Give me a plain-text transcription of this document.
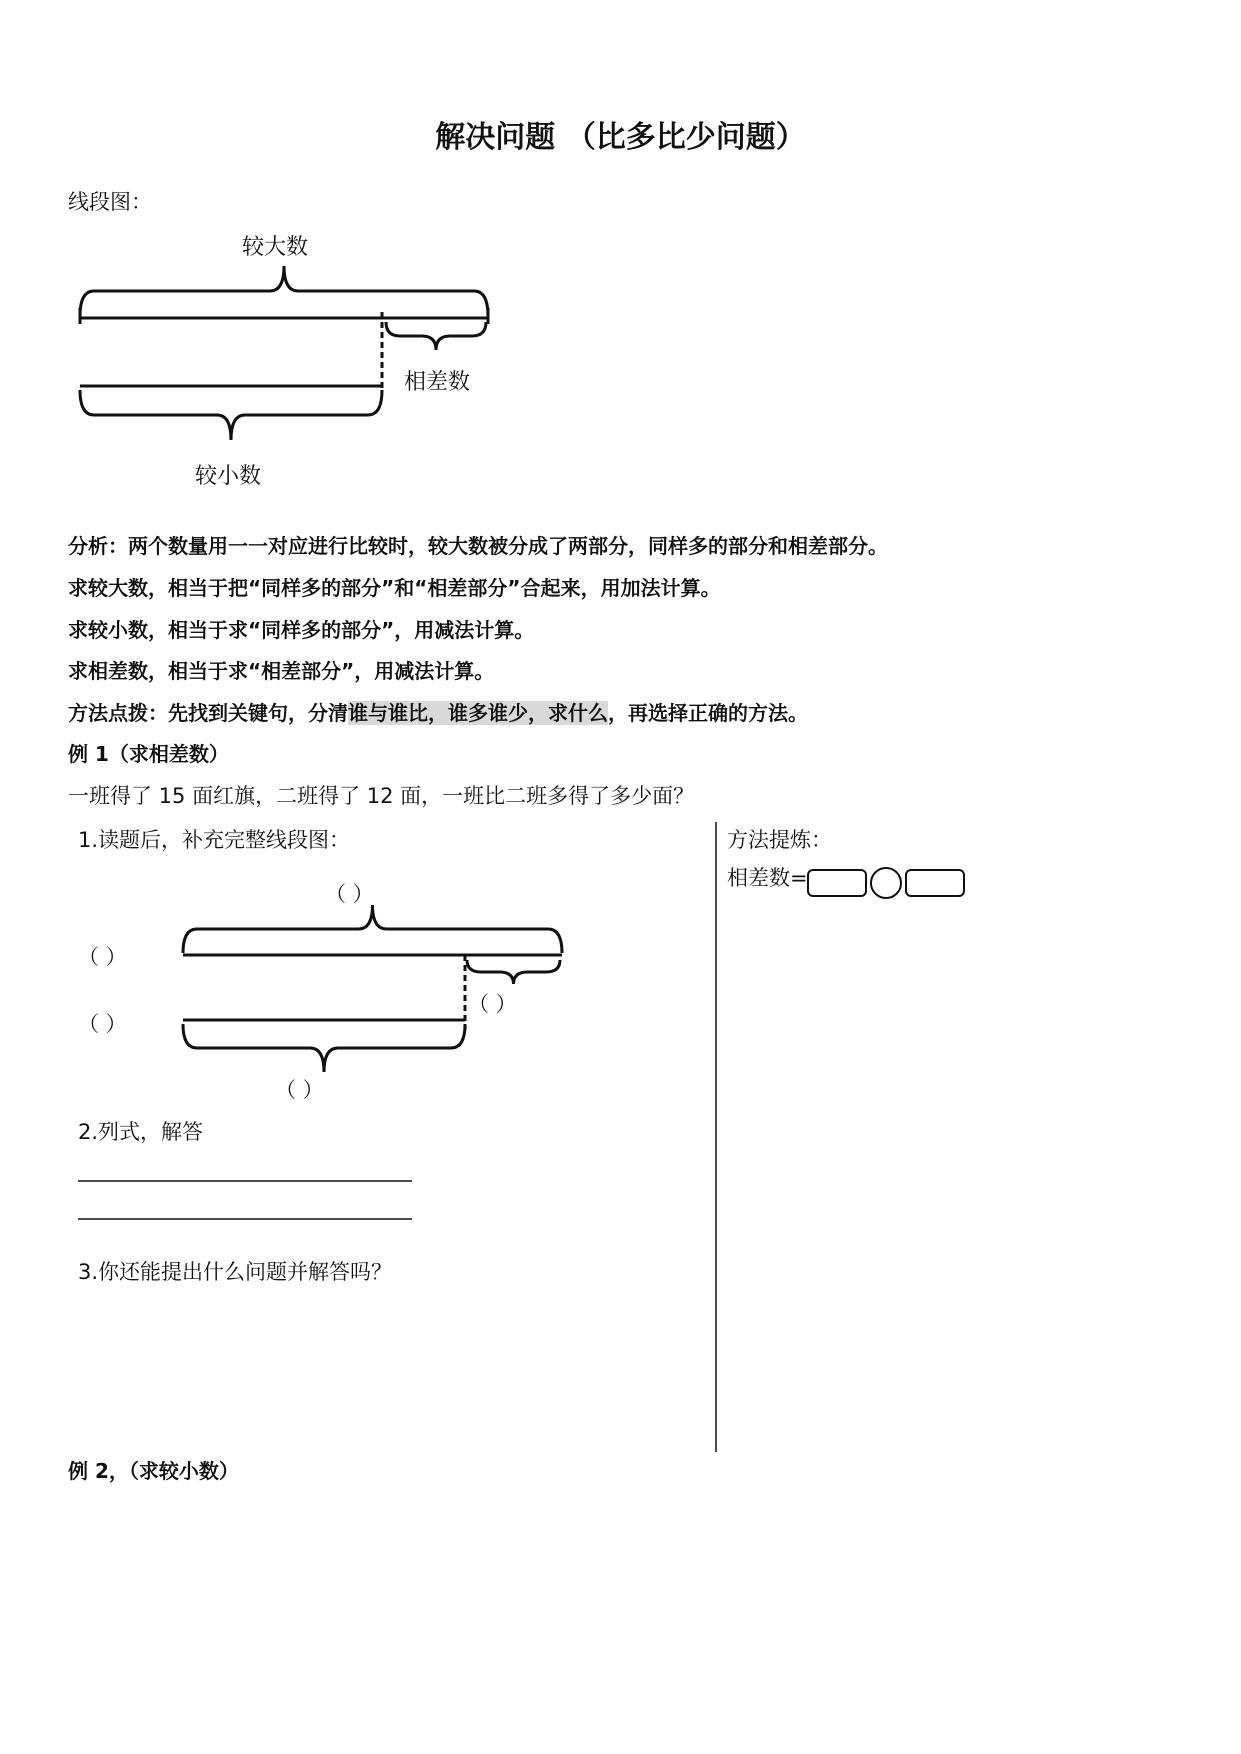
解决问题 （比多比少问题）
线段图：
较大数
相差数
较小数
分析：两个数量用一一对应进行比较时，较大数被分成了两部分，同样多的部分和相差部分。
求较大数，相当于把“同样多的部分”和“相差部分”合起来，用加法计算。
求较小数，相当于求“同样多的部分”，用减法计算。
求相差数，相当于求“相差部分”，用减法计算。
方法点拨：先找到关键句，分清谁与谁比，谁多谁少，求什么，再选择正确的方法。
例 1（求相差数）
一班得了 15 面红旗，二班得了 12 面，一班比二班多得了多少面？
1.读题后，补充完整线段图：
（ ）
（ ）
（ ）
（ ）
（ ）
2.列式，解答
3.你还能提出什么问题并解答吗？
方法提炼：
相差数=
例 2，（求较小数）
